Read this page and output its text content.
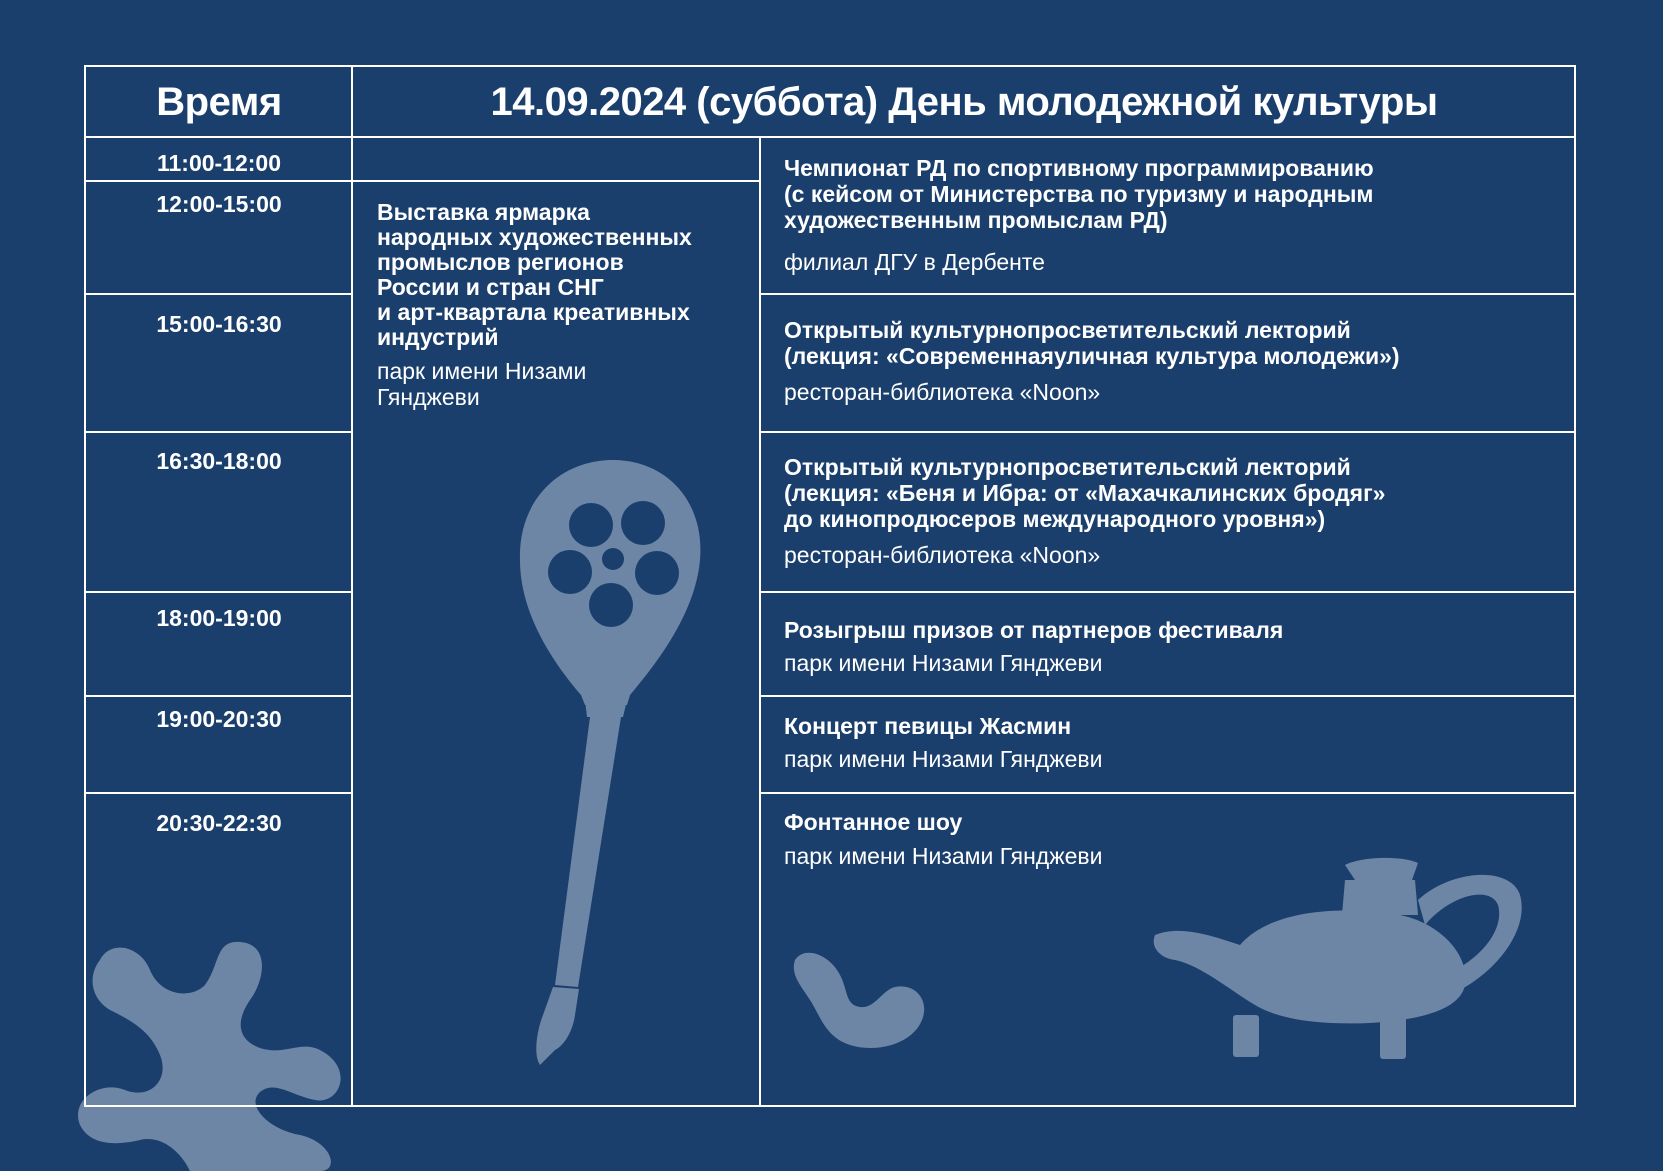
Время	14.09.2024 (суббота) День молодежной культуры
11:00-12:00
12:00-15:00
15:00-16:30
16:30-18:00
18:00-19:00
19:00-20:30
20:30-22:30
Выставка ярмарка
народных художественных
промыслов регионов
России и стран СНГ
и арт-квартала креативных
индустрий
парк имени Низами
Гянджеви
Чемпионат РД по спортивному программированию
(с кейсом от Министерства по туризму и народным
художественным промыслам РД)
филиал ДГУ в Дербенте
Открытый культурнопросветительский лекторий
(лекция: «Современнаяуличная культура молодежи»)
ресторан-библиотека «Noon»
Открытый культурнопросветительский лекторий
(лекция: «Беня и Ибра: от «Махачкалинских бродяг»
до кинопродюсеров международного уровня»)
ресторан-библиотека «Noon»
Розыгрыш призов от партнеров фестиваля
парк имени Низами Гянджеви
Концерт певицы Жасмин
парк имени Низами Гянджеви
Фонтанное шоу
парк имени Низами Гянджеви
